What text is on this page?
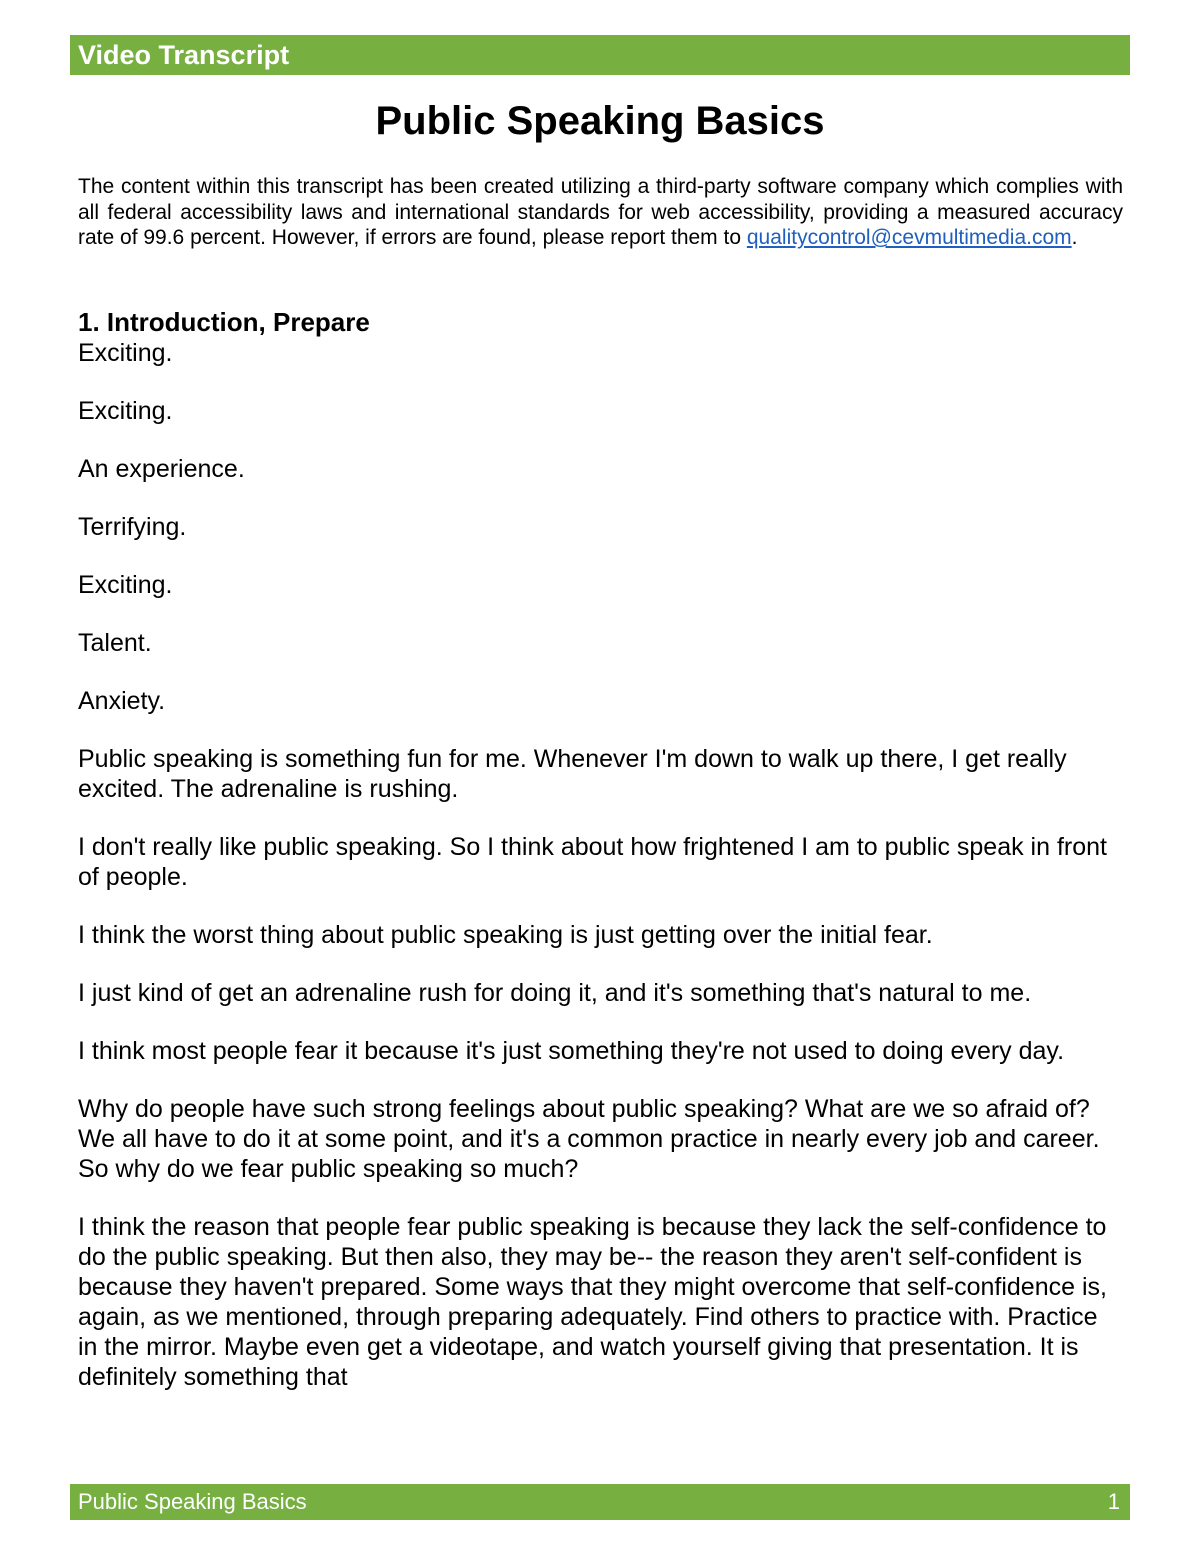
Video Transcript
Public Speaking Basics
The content within this transcript has been created utilizing a third-party software company which complies with all federal accessibility laws and international standards for web accessibility, providing a measured accuracy rate of 99.6 percent. However, if errors are found, please report them to qualitycontrol@cevmultimedia.com.

1. Introduction, Prepare

Exciting.

Exciting.

An experience.

Terrifying.

Exciting.

Talent.

Anxiety.

Public speaking is something fun for me. Whenever I'm down to walk up there, I get really excited. The adrenaline is rushing.

I don't really like public speaking. So I think about how frightened I am to public speak in front of people.

I think the worst thing about public speaking is just getting over the initial fear.

I just kind of get an adrenaline rush for doing it, and it's something that's natural to me.

I think most people fear it because it's just something they're not used to doing every day.

Why do people have such strong feelings about public speaking? What are we so afraid of? We all have to do it at some point, and it's a common practice in nearly every job and career. So why do we fear public speaking so much?

I think the reason that people fear public speaking is because they lack the self-confidence to do the public speaking. But then also, they may be-- the reason they aren't self-confident is because they haven't prepared. Some ways that they might overcome that self-confidence is, again, as we mentioned, through preparing adequately. Find others to practice with. Practice in the mirror. Maybe even get a videotape, and watch yourself giving that presentation. It is definitely something that

Public Speaking Basics	1
